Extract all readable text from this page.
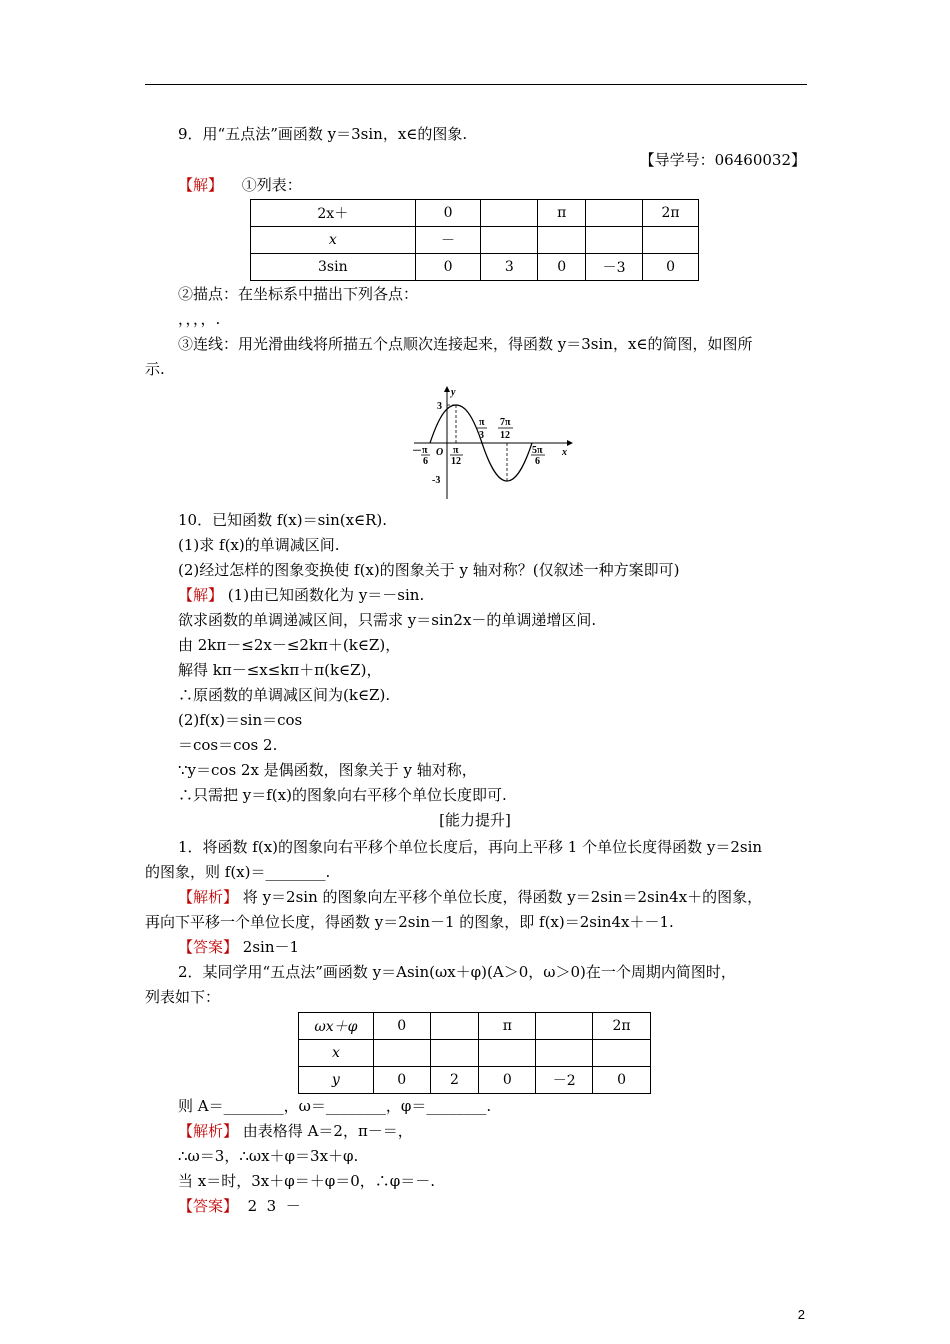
9．用“五点法”画函数 y＝3sin，x∈的图象.
【导学号：06460032】
【解】 ①列表：
2x＋	0		π		2π
x	－				
3sin	0	3	0	－3	0
②描点：在坐标系中描出下列各点：
，，，，.
③连线：用光滑曲线将所描五个点顺次连接起来，得函数 y＝3sin，x∈的简图，如图所
示.
y
x
3
-3
O
－ π
6
π
12
π
3
7π
12
5π
6
10．已知函数 f(x)＝sin(x∈R).
(1)求 f(x)的单调减区间.
(2)经过怎样的图象变换使 f(x)的图象关于 y 轴对称？(仅叙述一种方案即可)
【解】 (1)由已知函数化为 y＝－sin.
欲求函数的单调递减区间，只需求 y＝sin2x－的单调递增区间.
由 2kπ－≤2x－≤2kπ＋(k∈Z)，
解得 kπ－≤x≤kπ＋π(k∈Z)，
∴原函数的单调减区间为(k∈Z).
(2)f(x)＝sin＝cos
＝cos＝cos 2.
∵y＝cos 2x 是偶函数，图象关于 y 轴对称，
∴只需把 y＝f(x)的图象向右平移个单位长度即可.
[能力提升]
1．将函数 f(x)的图象向右平移个单位长度后，再向上平移 1 个单位长度得函数 y＝2sin
的图象，则 f(x)＝________.
【解析】 将 y＝2sin 的图象向左平移个单位长度，得函数 y＝2sin＝2sin4x＋的图象，
再向下平移一个单位长度，得函数 y＝2sin－1 的图象，即 f(x)＝2sin4x＋－1.
【答案】 2sin－1
2．某同学用“五点法”画函数 y＝Asin(ωx＋φ)(A＞0，ω＞0)在一个周期内简图时，
列表如下：
ωx＋φ	0		π		2π
x					
y	0	2	0	－2	0
则 A＝________，ω＝________，φ＝________.
【解析】 由表格得 A＝2，π－＝，
∴ω＝3，∴ωx＋φ＝3x＋φ.
当 x＝时，3x＋φ＝＋φ＝0，∴φ＝－.
【答案】  2  3  －
2
